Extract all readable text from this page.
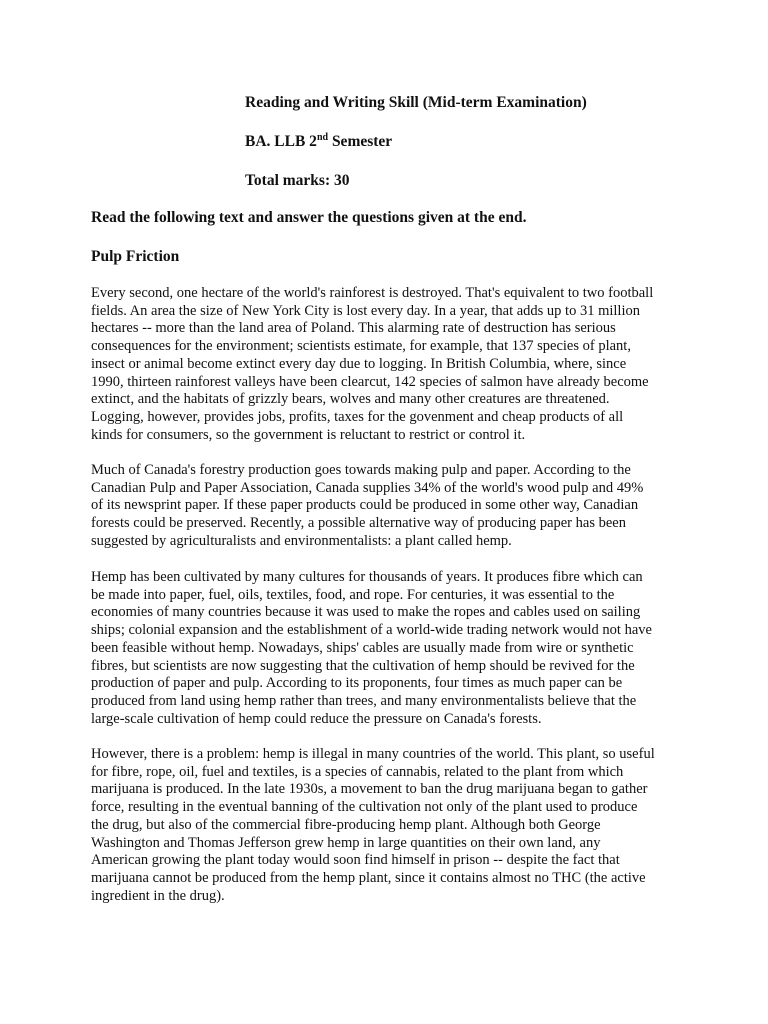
Reading and Writing Skill (Mid-term Examination)
BA. LLB 2nd Semester
Total marks: 30
Read the following text and answer the questions given at the end.
Pulp Friction
Every second, one hectare of the world's rainforest is destroyed. That's equivalent to two football
fields. An area the size of New York City is lost every day. In a year, that adds up to 31 million
hectares -- more than the land area of Poland. This alarming rate of destruction has serious
consequences for the environment; scientists estimate, for example, that 137 species of plant,
insect or animal become extinct every day due to logging. In British Columbia, where, since
1990, thirteen rainforest valleys have been clearcut, 142 species of salmon have already become
extinct, and the habitats of grizzly bears, wolves and many other creatures are threatened.
Logging, however, provides jobs, profits, taxes for the govenment and cheap products of all
kinds for consumers, so the government is reluctant to restrict or control it.
Much of Canada's forestry production goes towards making pulp and paper. According to the
Canadian Pulp and Paper Association, Canada supplies 34% of the world's wood pulp and 49%
of its newsprint paper. If these paper products could be produced in some other way, Canadian
forests could be preserved. Recently, a possible alternative way of producing paper has been
suggested by agriculturalists and environmentalists: a plant called hemp.
Hemp has been cultivated by many cultures for thousands of years. It produces fibre which can
be made into paper, fuel, oils, textiles, food, and rope. For centuries, it was essential to the
economies of many countries because it was used to make the ropes and cables used on sailing
ships; colonial expansion and the establishment of a world-wide trading network would not have
been feasible without hemp. Nowadays, ships' cables are usually made from wire or synthetic
fibres, but scientists are now suggesting that the cultivation of hemp should be revived for the
production of paper and pulp. According to its proponents, four times as much paper can be
produced from land using hemp rather than trees, and many environmentalists believe that the
large-scale cultivation of hemp could reduce the pressure on Canada's forests.
However, there is a problem: hemp is illegal in many countries of the world. This plant, so useful
for fibre, rope, oil, fuel and textiles, is a species of cannabis, related to the plant from which
marijuana is produced. In the late 1930s, a movement to ban the drug marijuana began to gather
force, resulting in the eventual banning of the cultivation not only of the plant used to produce
the drug, but also of the commercial fibre-producing hemp plant. Although both George
Washington and Thomas Jefferson grew hemp in large quantities on their own land, any
American growing the plant today would soon find himself in prison -- despite the fact that
marijuana cannot be produced from the hemp plant, since it contains almost no THC (the active
ingredient in the drug).
